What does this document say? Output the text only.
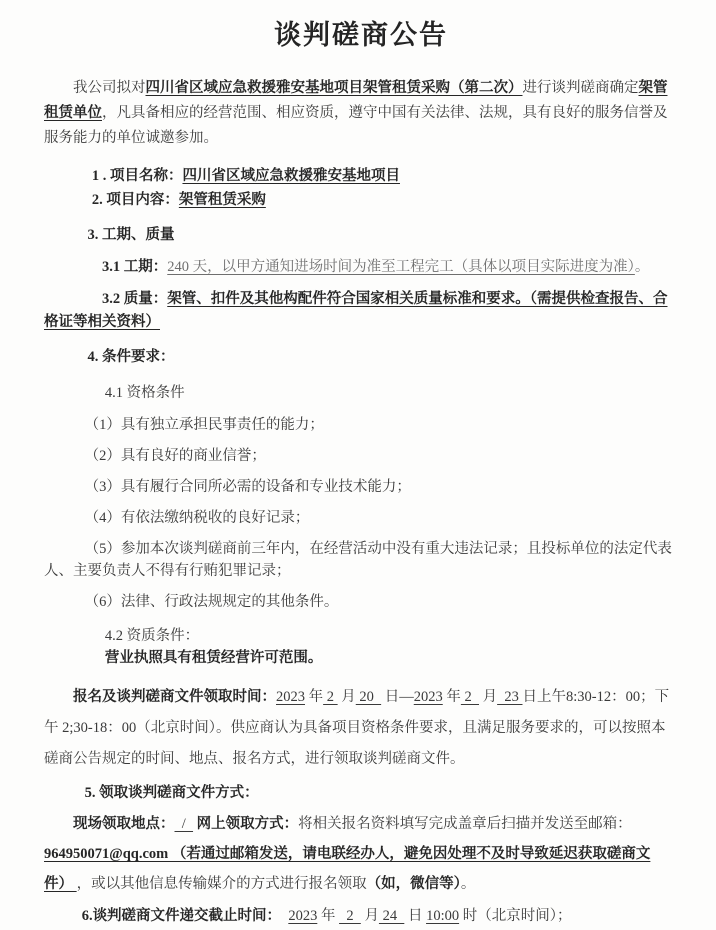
谈判磋商公告

我公司拟对四川省区域应急救援雅安基地项目架管租赁采购（第二次）进行谈判磋商确定架管租赁单位，凡具备相应的经营范围、相应资质，遵守中国有关法律、法规，具有良好的服务信誉及服务能力的单位诚邀参加。

1 . 项目名称：四川省区域应急救援雅安基地项目

2. 项目内容：架管租赁采购

3. 工期、质量

3.1 工期：240 天，以甲方通知进场时间为准至工程完工（具体以项目实际进度为准）。

3.2 质量：架管、扣件及其他构配件符合国家相关质量标准和要求。（需提供检查报告、合格证等相关资料）

4. 条件要求：

4.1 资格条件

（1）具有独立承担民事责任的能力；

（2）具有良好的商业信誉；

（3）具有履行合同所必需的设备和专业技术能力；

（4）有依法缴纳税收的良好记录；

（5）参加本次谈判磋商前三年内，在经营活动中没有重大违法记录；且投标单位的法定代表人、主要负责人不得有行贿犯罪记录；

（6）法律、行政法规规定的其他条件。

4.2 资质条件：

营业执照具有租赁经营许可范围。

报名及谈判磋商文件领取时间：2023 年 2  月 20   日—2023 年 2   月  23 日上午8:30-12：00；下午 2;30-18：00（北京时间）。供应商认为具备项目资格条件要求，且满足服务要求的，可以按照本磋商公告规定的时间、地点、报名方式，进行领取谈判磋商文件。

5. 领取谈判磋商文件方式：

现场领取地点：  /   网上领取方式：将相关报名资料填写完成盖章后扫描并发送至邮箱：964950071@qq.com （若通过邮箱发送，请电联经办人，避免因处理不及时导致延迟获取磋商文件） ，或以其他信息传输媒介的方式进行报名领取（如，微信等）。

6.谈判磋商文件递交截止时间： 2023 年   2   月 24   日 10:00 时（北京时间）；
